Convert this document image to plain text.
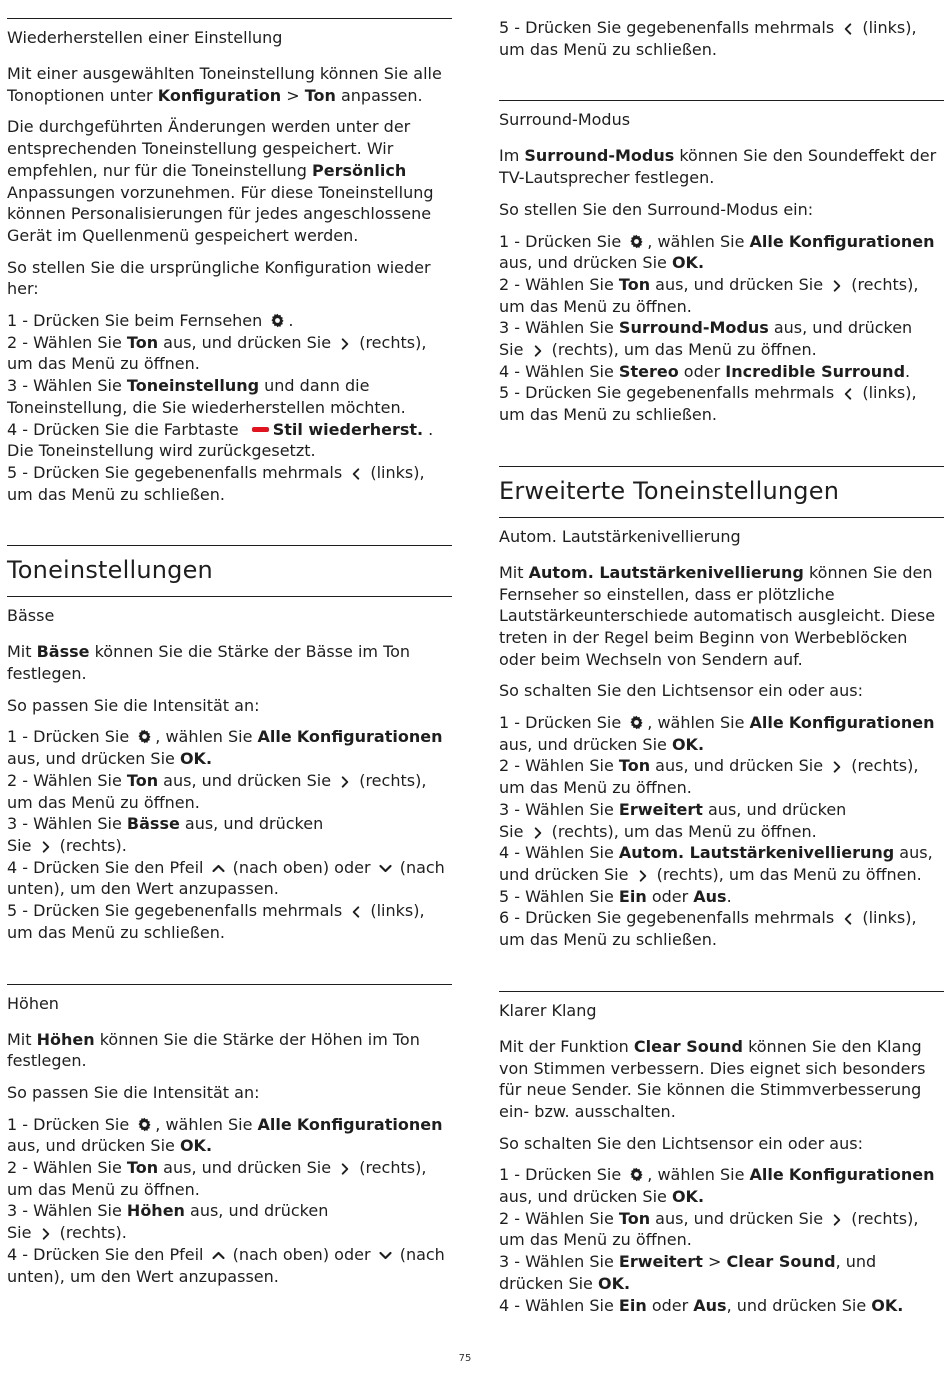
Wiederherstellen einer Einstellung

Mit einer ausgewählten Toneinstellung können Sie alle Tonoptionen unter Konfiguration > Ton anpassen.

Die durchgeführten Änderungen werden unter der entsprechenden Toneinstellung gespeichert. Wir empfehlen, nur für die Toneinstellung Persönlich Anpassungen vorzunehmen. Für diese Toneinstellung können Personalisierungen für jedes angeschlossene Gerät im Quellenmenü gespeichert werden.

So stellen Sie die ursprüngliche Konfiguration wieder her:

1 - Drücken Sie beim Fernsehen .
2 - Wählen Sie Ton aus, und drücken Sie  (rechts), um das Menü zu öffnen.
3 - Wählen Sie Toneinstellung und dann die Toneinstellung, die Sie wiederherstellen möchten.
4 - Drücken Sie die Farbtaste Stil wiederherst. . Die Toneinstellung wird zurückgesetzt.
5 - Drücken Sie gegebenenfalls mehrmals  (links), um das Menü zu schließen.

Toneinstellungen
Bässe

Mit Bässe können Sie die Stärke der Bässe im Ton festlegen.

So passen Sie die Intensität an:

1 - Drücken Sie , wählen Sie Alle Konfigurationen aus, und drücken Sie OK.
2 - Wählen Sie Ton aus, und drücken Sie  (rechts), um das Menü zu öffnen.
3 - Wählen Sie Bässe aus, und drücken
Sie  (rechts).
4 - Drücken Sie den Pfeil  (nach oben) oder  (nach unten), um den Wert anzupassen.
5 - Drücken Sie gegebenenfalls mehrmals  (links), um das Menü zu schließen.

Höhen

Mit Höhen können Sie die Stärke der Höhen im Ton festlegen.

So passen Sie die Intensität an:

1 - Drücken Sie , wählen Sie Alle Konfigurationen aus, und drücken Sie OK.
2 - Wählen Sie Ton aus, und drücken Sie  (rechts), um das Menü zu öffnen.
3 - Wählen Sie Höhen aus, und drücken
Sie  (rechts).
4 - Drücken Sie den Pfeil  (nach oben) oder  (nach unten), um den Wert anzupassen.

5 - Drücken Sie gegebenenfalls mehrmals  (links), um das Menü zu schließen.

Surround-Modus

Im Surround-Modus können Sie den Soundeffekt der TV-Lautsprecher festlegen.

So stellen Sie den Surround-Modus ein:

1 - Drücken Sie , wählen Sie Alle Konfigurationen aus, und drücken Sie OK.
2 - Wählen Sie Ton aus, und drücken Sie  (rechts), um das Menü zu öffnen.
3 - Wählen Sie Surround-Modus aus, und drücken
Sie  (rechts), um das Menü zu öffnen.
4 - Wählen Sie Stereo oder Incredible Surround.
5 - Drücken Sie gegebenenfalls mehrmals  (links), um das Menü zu schließen.

Erweiterte Toneinstellungen
Autom. Lautstärkenivellierung

Mit Autom. Lautstärkenivellierung können Sie den Fernseher so einstellen, dass er plötzliche Lautstärkeunterschiede automatisch ausgleicht. Diese treten in der Regel beim Beginn von Werbeblöcken oder beim Wechseln von Sendern auf.

So schalten Sie den Lichtsensor ein oder aus:

1 - Drücken Sie , wählen Sie Alle Konfigurationen aus, und drücken Sie OK.
2 - Wählen Sie Ton aus, und drücken Sie  (rechts), um das Menü zu öffnen.
3 - Wählen Sie Erweitert aus, und drücken
Sie  (rechts), um das Menü zu öffnen.
4 - Wählen Sie Autom. Lautstärkenivellierung aus,
und drücken Sie  (rechts), um das Menü zu öffnen.
5 - Wählen Sie Ein oder Aus.
6 - Drücken Sie gegebenenfalls mehrmals  (links), um das Menü zu schließen.

Klarer Klang

Mit der Funktion Clear Sound können Sie den Klang von Stimmen verbessern. Dies eignet sich besonders für neue Sender. Sie können die Stimmverbesserung ein- bzw. ausschalten.

So schalten Sie den Lichtsensor ein oder aus:

1 - Drücken Sie , wählen Sie Alle Konfigurationen aus, und drücken Sie OK.
2 - Wählen Sie Ton aus, und drücken Sie  (rechts), um das Menü zu öffnen.
3 - Wählen Sie Erweitert > Clear Sound, und drücken Sie OK.
4 - Wählen Sie Ein oder Aus, und drücken Sie OK.

75
